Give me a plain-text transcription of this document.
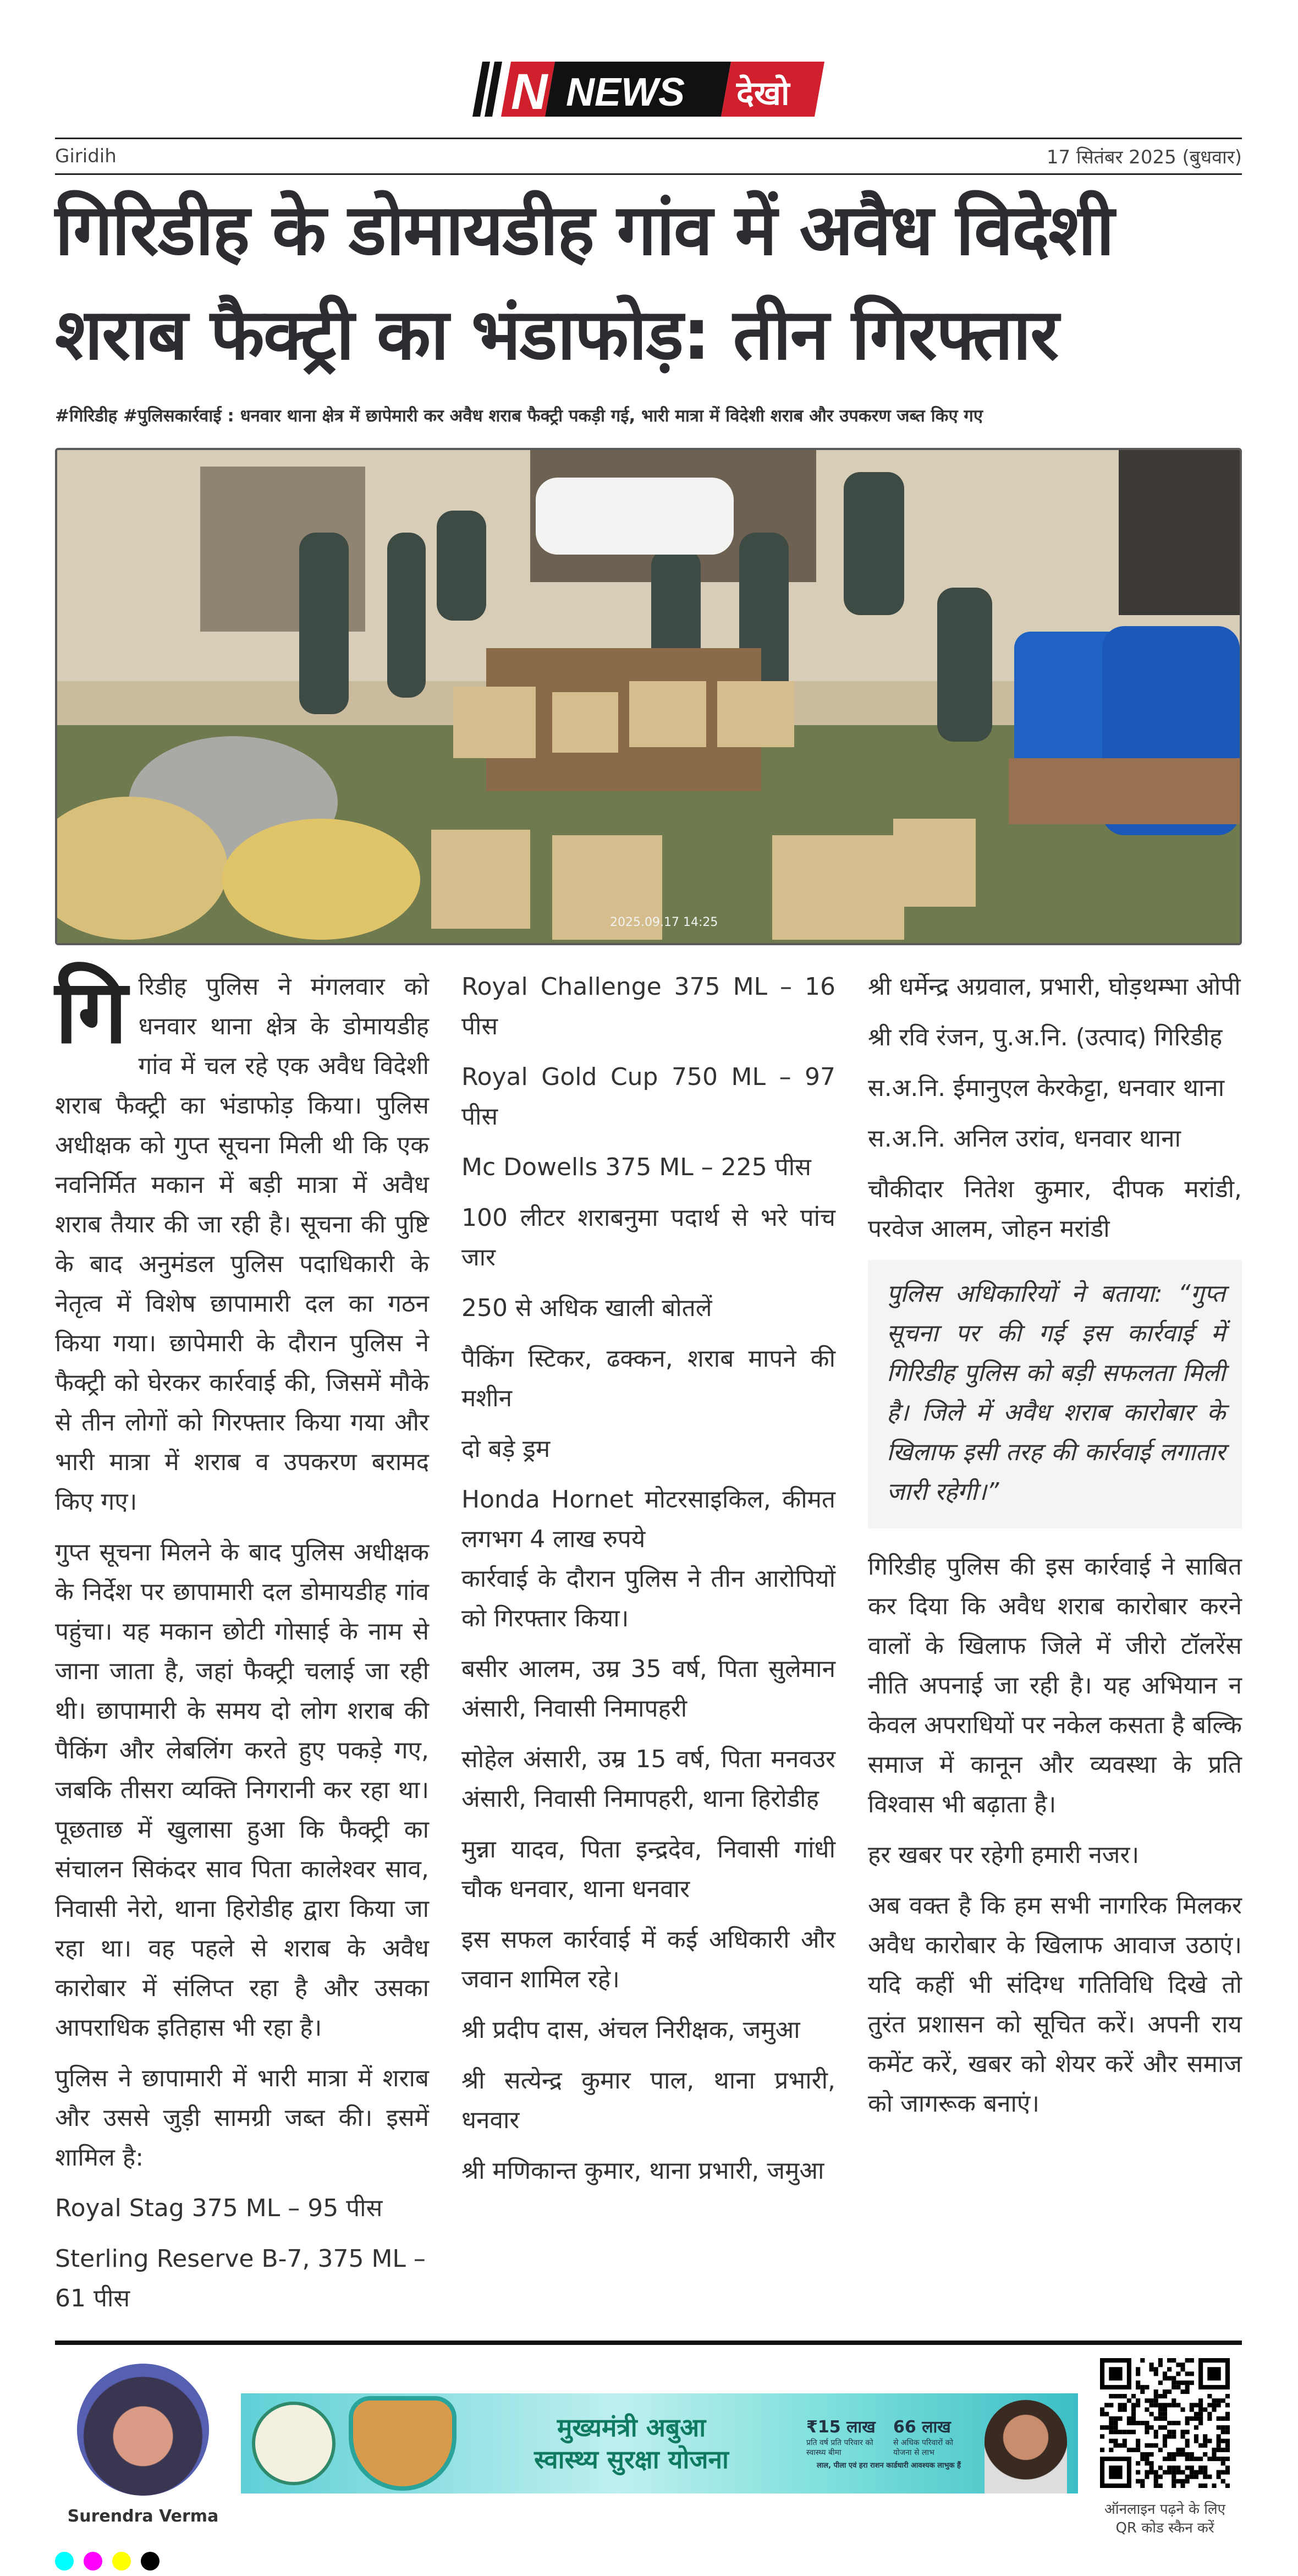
N NEWS देखो
Giridih	17 सितंबर 2025 (बुधवार)
गिरिडीह के डोमायडीह गांव में अवैध विदेशी शराब फैक्ट्री का भंडाफोड़: तीन गिरफ्तार
#गिरिडीह #पुलिसकार्रवाई : धनवार थाना क्षेत्र में छापेमारी कर अवैध शराब फैक्ट्री पकड़ी गई, भारी मात्रा में विदेशी शराब और उपकरण जब्त किए गए
2025.09.17 14:25

गिरिडीह पुलिस ने मंगलवार को धनवार थाना क्षेत्र के डोमायडीह गांव में चल रहे एक अवैध विदेशी शराब फैक्ट्री का भंडाफोड़ किया। पुलिस अधीक्षक को गुप्त सूचना मिली थी कि एक नवनिर्मित मकान में बड़ी मात्रा में अवैध शराब तैयार की जा रही है। सूचना की पुष्टि के बाद अनुमंडल पुलिस पदाधिकारी के नेतृत्व में विशेष छापामारी दल का गठन किया गया। छापेमारी के दौरान पुलिस ने फैक्ट्री को घेरकर कार्रवाई की, जिसमें मौके से तीन लोगों को गिरफ्तार किया गया और भारी मात्रा में शराब व उपकरण बरामद किए गए।

गुप्त सूचना मिलने के बाद पुलिस अधीक्षक के निर्देश पर छापामारी दल डोमायडीह गांव पहुंचा। यह मकान छोटी गोसाई के नाम से जाना जाता है, जहां फैक्ट्री चलाई जा रही थी। छापामारी के समय दो लोग शराब की पैकिंग और लेबलिंग करते हुए पकड़े गए, जबकि तीसरा व्यक्ति निगरानी कर रहा था। पूछताछ में खुलासा हुआ कि फैक्ट्री का संचालन सिकंदर साव पिता कालेश्वर साव, निवासी नेरो, थाना हिरोडीह द्वारा किया जा रहा था। वह पहले से शराब के अवैध कारोबार में संलिप्त रहा है और उसका आपराधिक इतिहास भी रहा है।

पुलिस ने छापामारी में भारी मात्रा में शराब और उससे जुड़ी सामग्री जब्त की। इसमें शामिल है:

Royal Stag 375 ML – 95 पीस

Sterling Reserve B-7, 375 ML – 61 पीस

Royal Challenge 375 ML – 16 पीस

Royal Gold Cup 750 ML – 97 पीस

Mc Dowells 375 ML – 225 पीस

100 लीटर शराबनुमा पदार्थ से भरे पांच जार

250 से अधिक खाली बोतलें

पैकिंग स्टिकर, ढक्कन, शराब मापने की मशीन

दो बड़े ड्रम

Honda Hornet मोटरसाइकिल, कीमत लगभग 4 लाख रुपये

कार्रवाई के दौरान पुलिस ने तीन आरोपियों को गिरफ्तार किया।

बसीर आलम, उम्र 35 वर्ष, पिता सुलेमान अंसारी, निवासी निमापहरी

सोहेल अंसारी, उम्र 15 वर्ष, पिता मनवउर अंसारी, निवासी निमापहरी, थाना हिरोडीह

मुन्ना यादव, पिता इन्द्रदेव, निवासी गांधी चौक धनवार, थाना धनवार

इस सफल कार्रवाई में कई अधिकारी और जवान शामिल रहे।

श्री प्रदीप दास, अंचल निरीक्षक, जमुआ

श्री सत्येन्द्र कुमार पाल, थाना प्रभारी, धनवार

श्री मणिकान्त कुमार, थाना प्रभारी, जमुआ

श्री धर्मेन्द्र अग्रवाल, प्रभारी, घोड़थम्भा ओपी

श्री रवि रंजन, पु.अ.नि. (उत्पाद) गिरिडीह

स.अ.नि. ईमानुएल केरकेट्टा, धनवार थाना

स.अ.नि. अनिल उरांव, धनवार थाना

चौकीदार नितेश कुमार, दीपक मरांडी, परवेज आलम, जोहन मरांडी

पुलिस अधिकारियों ने बताया: “गुप्त सूचना पर की गई इस कार्रवाई में गिरिडीह पुलिस को बड़ी सफलता मिली है। जिले में अवैध शराब कारोबार के खिलाफ इसी तरह की कार्रवाई लगातार जारी रहेगी।”

गिरिडीह पुलिस की इस कार्रवाई ने साबित कर दिया कि अवैध शराब कारोबार करने वालों के खिलाफ जिले में जीरो टॉलरेंस नीति अपनाई जा रही है। यह अभियान न केवल अपराधियों पर नकेल कसता है बल्कि समाज में कानून और व्यवस्था के प्रति विश्वास भी बढ़ाता है।

हर खबर पर रहेगी हमारी नजर।

अब वक्त है कि हम सभी नागरिक मिलकर अवैध कारोबार के खिलाफ आवाज उठाएं। यदि कहीं भी संदिग्ध गतिविधि दिखे तो तुरंत प्रशासन को सूचित करें। अपनी राय कमेंट करें, खबर को शेयर करें और समाज को जागरूक बनाएं।

Surendra Verma
मुख्यमंत्री अबुआ
स्वास्थ्य सुरक्षा योजना
₹15 लाख
प्रति वर्ष प्रति परिवार को स्वास्थ्य बीमा
66 लाख
से अधिक परिवारों को योजना से लाभ
लाल, पीला एवं हरा राशन कार्डधारी आवश्यक लाभुक हैं
ऑनलाइन पढ़ने के लिए
QR कोड स्कैन करें
